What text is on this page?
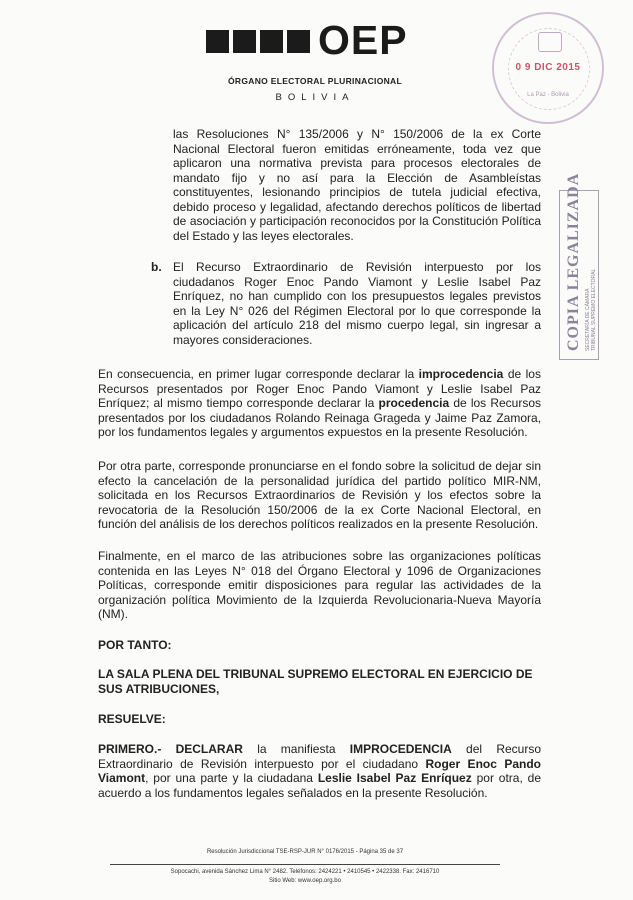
OEP
ÓRGANO ELECTORAL PLURINACIONAL
BOLIVIA
0 9 DIC 2015
La Paz - Bolivia
COPIA LEGALIZADA SECRETARÍA DE CÁMARA TRIBUNAL SUPREMO ELECTORAL
las Resoluciones N° 135/2006 y N° 150/2006 de la ex Corte Nacional Electoral fueron emitidas erróneamente, toda vez que aplicaron una normativa prevista para procesos electorales de mandato fijo y no así para la Elección de Asambleístas constituyentes, lesionando principios de tutela judicial efectiva, debido proceso y legalidad, afectando derechos políticos de libertad de asociación y participación reconocidos por la Constitución Política del Estado y las leyes electorales.
b. El Recurso Extraordinario de Revisión interpuesto por los ciudadanos Roger Enoc Pando Viamont y Leslie Isabel Paz Enríquez, no han cumplido con los presupuestos legales previstos en la Ley N° 026 del Régimen Electoral por lo que corresponde la aplicación del artículo 218 del mismo cuerpo legal, sin ingresar a mayores consideraciones.
En consecuencia, en primer lugar corresponde declarar la improcedencia de los Recursos presentados por Roger Enoc Pando Viamont y Leslie Isabel Paz Enríquez; al mismo tiempo corresponde declarar la procedencia de los Recursos presentados por los ciudadanos Rolando Reinaga Grageda y Jaime Paz Zamora, por los fundamentos legales y argumentos expuestos en la presente Resolución.
Por otra parte, corresponde pronunciarse en el fondo sobre la solicitud de dejar sin efecto la cancelación de la personalidad jurídica del partido político MIR-NM, solicitada en los Recursos Extraordinarios de Revisión y los efectos sobre la revocatoria de la Resolución 150/2006 de la ex Corte Nacional Electoral, en función del análisis de los derechos políticos realizados en la presente Resolución.
Finalmente, en el marco de las atribuciones sobre las organizaciones políticas contenida en las Leyes N° 018 del Órgano Electoral y 1096 de Organizaciones Políticas, corresponde emitir disposiciones para regular las actividades de la organización política Movimiento de la Izquierda Revolucionaria-Nueva Mayoría (NM).
POR TANTO:
LA SALA PLENA DEL TRIBUNAL SUPREMO ELECTORAL EN EJERCICIO DE SUS ATRIBUCIONES,
RESUELVE:
PRIMERO.- DECLARAR la manifiesta IMPROCEDENCIA del Recurso Extraordinario de Revisión interpuesto por el ciudadano Roger Enoc Pando Viamont, por una parte y la ciudadana Leslie Isabel Paz Enríquez por otra, de acuerdo a los fundamentos legales señalados en la presente Resolución.
Resolución Jurisdiccional TSE-RSP-JUR N° 0176/2015 - Página 35 de 37
Sopocachi, avenida Sánchez Lima N° 2482. Teléfonos: 2424221 • 2410545 • 2422338. Fax: 2416710
Sitio Web: www.oep.org.bo
